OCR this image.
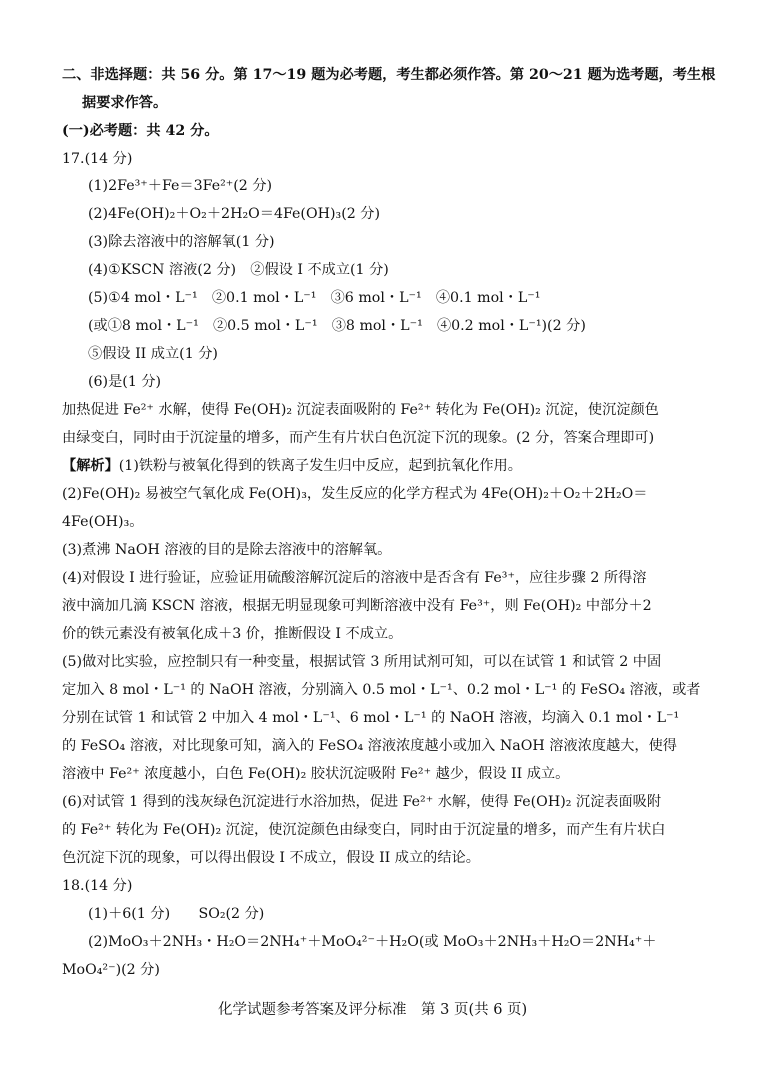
二、非选择题：共 56 分。第 17～19 题为必考题，考生都必须作答。第 20～21 题为选考题，考生根
据要求作答。
(一)必考题：共 42 分。
17.(14 分)
(1)2Fe³⁺＋Fe＝3Fe²⁺(2 分)
(2)4Fe(OH)₂＋O₂＋2H₂O＝4Fe(OH)₃(2 分)
(3)除去溶液中的溶解氧(1 分)
(4)①KSCN 溶液(2 分)　②假设 I 不成立(1 分)
(5)①4 mol・L⁻¹　②0.1 mol・L⁻¹　③6 mol・L⁻¹　④0.1 mol・L⁻¹
(或①8 mol・L⁻¹　②0.5 mol・L⁻¹　③8 mol・L⁻¹　④0.2 mol・L⁻¹)(2 分)
⑤假设 II 成立(1 分)
(6)是(1 分)
加热促进 Fe²⁺ 水解，使得 Fe(OH)₂ 沉淀表面吸附的 Fe²⁺ 转化为 Fe(OH)₂ 沉淀，使沉淀颜色
由绿变白，同时由于沉淀量的增多，而产生有片状白色沉淀下沉的现象。(2 分，答案合理即可)
【解析】(1)铁粉与被氧化得到的铁离子发生归中反应，起到抗氧化作用。
(2)Fe(OH)₂ 易被空气氧化成 Fe(OH)₃，发生反应的化学方程式为 4Fe(OH)₂＋O₂＋2H₂O＝
4Fe(OH)₃。
(3)煮沸 NaOH 溶液的目的是除去溶液中的溶解氧。
(4)对假设 I 进行验证，应验证用硫酸溶解沉淀后的溶液中是否含有 Fe³⁺，应往步骤 2 所得溶
液中滴加几滴 KSCN 溶液，根据无明显现象可判断溶液中没有 Fe³⁺，则 Fe(OH)₂ 中部分＋2
价的铁元素没有被氧化成＋3 价，推断假设 I 不成立。
(5)做对比实验，应控制只有一种变量，根据试管 3 所用试剂可知，可以在试管 1 和试管 2 中固
定加入 8 mol・L⁻¹ 的 NaOH 溶液，分别滴入 0.5 mol・L⁻¹、0.2 mol・L⁻¹ 的 FeSO₄ 溶液，或者
分别在试管 1 和试管 2 中加入 4 mol・L⁻¹、6 mol・L⁻¹ 的 NaOH 溶液，均滴入 0.1 mol・L⁻¹
的 FeSO₄ 溶液，对比现象可知，滴入的 FeSO₄ 溶液浓度越小或加入 NaOH 溶液浓度越大，使得
溶液中 Fe²⁺ 浓度越小，白色 Fe(OH)₂ 胶状沉淀吸附 Fe²⁺ 越少，假设 II 成立。
(6)对试管 1 得到的浅灰绿色沉淀进行水浴加热，促进 Fe²⁺ 水解，使得 Fe(OH)₂ 沉淀表面吸附
的 Fe²⁺ 转化为 Fe(OH)₂ 沉淀，使沉淀颜色由绿变白，同时由于沉淀量的增多，而产生有片状白
色沉淀下沉的现象，可以得出假设 I 不成立，假设 II 成立的结论。
18.(14 分)
(1)＋6(1 分)　　SO₂(2 分)
(2)MoO₃＋2NH₃・H₂O＝2NH₄⁺＋MoO₄²⁻＋H₂O(或 MoO₃＋2NH₃＋H₂O＝2NH₄⁺＋
MoO₄²⁻)(2 分)
化学试题参考答案及评分标准　第 3 页(共 6 页)
